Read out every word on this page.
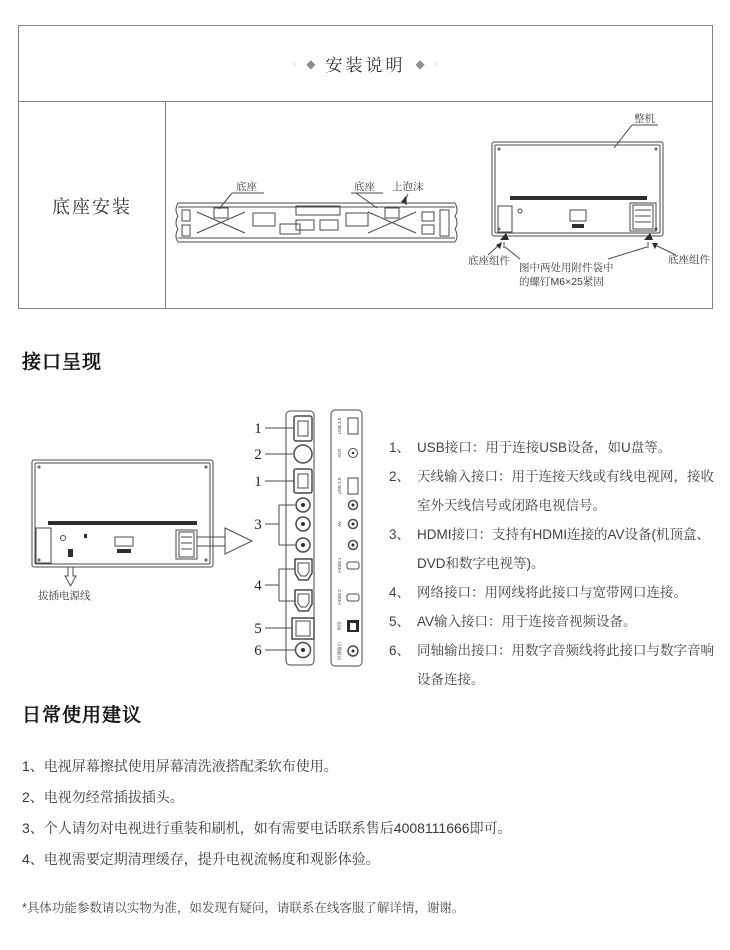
◦ ◆ 安装说明 ◆ ◦
底座安装
底座	底座 上泡沫
整机
底座组件	底座组件
图中两处用附件袋中
的螺钉M6×25紧固
接口呈现
拔插电源线
1
2
1
3
4
5
6
USB 3.0
ANT
USB 2.0
AV
HDMI 1
HDMI 2
网络
同轴输出
1、 USB接口：用于连接USB设备，如U盘等。
2、 天线输入接口：用于连接天线或有线电视网，接收室外天线信号或闭路电视信号。
3、 HDMI接口：支持有HDMI连接的AV设备(机顶盒、DVD和数字电视等)。
4、 网络接口：用网线将此接口与宽带网口连接。
5、 AV输入接口：用于连接音视频设备。
6、 同轴输出接口：用数字音频线将此接口与数字音响设备连接。
日常使用建议
1、电视屏幕擦拭使用屏幕清洗液搭配柔软布使用。
2、电视勿经常插拔插头。
3、个人请勿对电视进行重装和刷机，如有需要电话联系售后4008111666即可。
4、电视需要定期清理缓存，提升电视流畅度和观影体验。
*具体功能参数请以实物为准，如发现有疑问，请联系在线客服了解详情，谢谢。
